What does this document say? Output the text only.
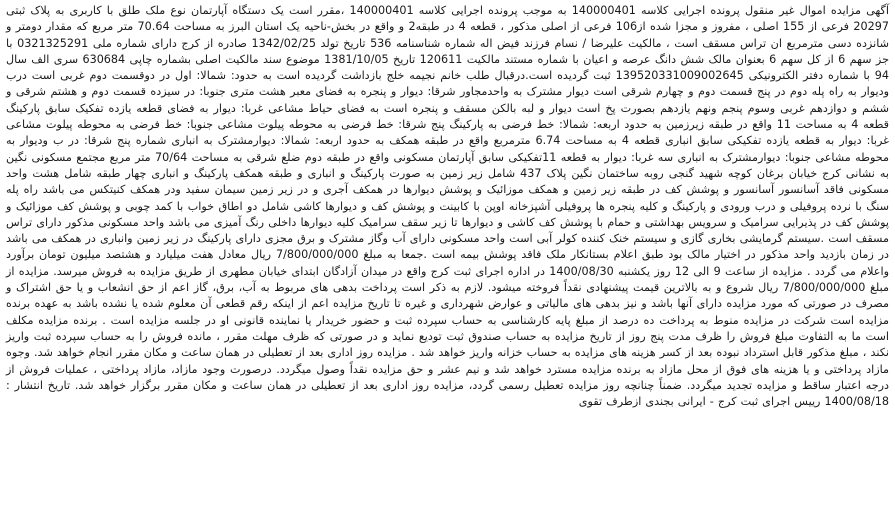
آگهی مزایده اموال غیر منقول پرونده اجرایی کلاسه 140000401 به موجب پرونده اجرایی کلاسه 140000401 ،مقرر است یک دستگاه آپارتمان نوع ملک طلق با کاربری به پلاک ثبتی 20297 فرعی از 155 اصلی ، مفروز و مجزا شده از106 فرعی از اصلی مذکور ، قطعه 4 در طبقه2 و واقع در بخش-ناحیه یک استان البرز به مساحت 70.64 متر مربع که مقدار دومتر و شانزده دسی مترمربع ان تراس مسقف است ، مالکیت علیرضا / نسام فرزند فیض اله شماره شناسنامه 536 تاریخ تولد 1342/02/25 صادره از کرج دارای شماره ملی 0321325291 با جز سهم 6 از کل سهم 6 بعنوان مالک شش دانگ عرصه و اعیان با شماره مستند مالکیت 120611 تاریخ 1381/10/05 موضوع سند مالکیت اصلی بشماره چاپی 630684 سری الف سال 94 با شماره دفتر الکترونیکی 139520331009002645 ثبت گردیده است.درقبال طلب خانم نجیمه خلج بازداشت گردیده است به حدود: شمالا: اول در دوقسمت دوم غربی است درب ودیوار به راه پله دوم در پنج قسمت دوم و چهارم شرقی است دیوار مشترک به واحدمجاور شرقا: دیوار و پنجره به فضای معبر هشت متری جنوبا: در سیزده قسمت دوم و هشتم شرقی و ششم و دوازدهم غربی وسوم پنجم ونهم یازدهم بصورت پخ است دیوار و لبه بالکن مسقف و پنجره است به فضای حیاط مشاعی غربا: دیوار به فضای قطعه یازده تفکیک سابق پارکینگ قطعه 4 به مساحت 11 واقع در طبقه زیرزمین به حدود اربعه: شمالا: خط فرضی به پارکینگ پنج شرقا: خط فرضی به محوطه پیلوت مشاعی جنوبا: خط فرضی به محوطه پیلوت مشاعی غربا: دیوار به قطعه یازده تفکیکی سابق انباری قطعه 4 به مساحت 6.74 مترمربع واقع در طبقه همکف به حدود اربعه: شمالا: دیوارمشترک به انباری شماره پنج شرقا: در ب ودیوار به محوطه مشاعی جنوبا: دیوارمشترک به انباری سه غربا: دیوار به قطعه 11تفکیکی سابق آپارتمان مسکونی واقع در طبقه دوم ضلع شرقی به مساحت 70/64 متر مربع مجتمع مسکونی نگین به نشانی کرج خیابان برغان کوچه شهید گنجی روبه ساختمان نگین پلاک 437 شامل زیر زمین به صورت پارکینگ و انباری و طبقه همکف پارکینگ و انباری چهار طبقه شامل هشت واحد مسکونی فاقد آسانسور آسانسور و پوشش کف در طبقه زیر زمین و همکف موزائیک و پوشش دیوارها در همکف آجری و در زیر زمین سیمان سفید ودر همکف کنیتکس می باشد راه پله سنگ با نرده پروفیلی و درب ورودی و پارکینگ و کلیه پنجره ها پروفیلی آشپزخانه اوپن با کابینت و پوشش کف و دیوارها کاشی شامل دو اطاق خواب با کمد چوبی و پوشش کف موزائیک و پوشش کف در پذیرایی سرامیک و سرویس بهداشتی و حمام با پوشش کف کاشی و دیوارها تا زیر سقف سرامیک کلیه دیوارها داخلی رنگ آمیزی می باشد واحد مسکونی مذکور دارای تراس مسقف است .سیستم گرمایشی بخاری گازی و سیستم خنک کننده کولر آبی است واحد مسکونی دارای آب وگاز مشترک و برق مجزی دارای پارکینگ در زیر زمین وانباری در همکف می باشد در زمان بازدید واحد مذکور در اختیار مالک بود طبق اعلام بستانکار ملک فاقد پوشش بیمه است .جمعا به مبلغ 7/800/000/000 ریال معادل هفت میلیارد و هشتصد میلیون تومان برآورد واعلام می گردد . مزایده از ساعت 9 الی 12 روز یکشنبه 1400/08/30 در اداره اجرای ثبت کرج واقع در میدان آزادگان ابتدای خیابان مطهری از طریق مزایده به فروش میرسد. مزایده از مبلغ 7/800/000/000 ریال شروع و به بالاترین قیمت پیشنهادی نقداً فروخته میشود. لازم به ذکر است پرداخت بدهی های مربوط به آب، برق، گاز اعم از حق انشعاب و یا حق اشتراک و مصرف در صورتی که مورد مزایده دارای آنها باشد و نیز بدهی های مالیاتی و عوارض شهرداری و غیره تا تاریخ مزایده اعم از اینکه رقم قطعی آن معلوم شده یا نشده باشد به عهده برنده مزایده است شرکت در مزایده منوط به پرداخت ده درصد از مبلغ پایه کارشناسی به حساب سپرده ثبت و حضور خریدار یا نماینده قانونی او در جلسه مزایده است . برنده مزایده مکلف است ما به التفاوت مبلغ فروش را ظرف مدت پنج روز از تاریخ مزایده به حساب صندوق ثبت تودیع نماید و در صورتی که ظرف مهلت مقرر ، مانده فروش را به حساب سپرده ثبت واریز نکند ، مبلغ مذکور قابل استرداد نبوده بعد از کسر هزینه های مزایده به حساب خزانه واریز خواهد شد . مزایده روز اداری بعد از تعطیلی در همان ساعت و مکان مقرر انجام خواهد شد. وجوه مازاد پرداختی و یا هزینه های فوق از محل مازاد به برنده مزایده مسترد خواهد شد و نیم عشر و حق مزایده نقداً وصول میگردد. درصورت وجود مازاد، مازاد پرداختی ، عملیات فروش از درجه اعتبار ساقط و مزایده تجدید میگردد. ضمناً چنانچه روز مزایده تعطیل رسمی گردد، مزایده روز اداری بعد از تعطیلی در همان ساعت و مکان مقرر برگزار خواهد شد. تاریخ انتشار : 1400/08/18 رییس اجرای ثبت کرج - ایرانی بجندی ازطرف تقوی
